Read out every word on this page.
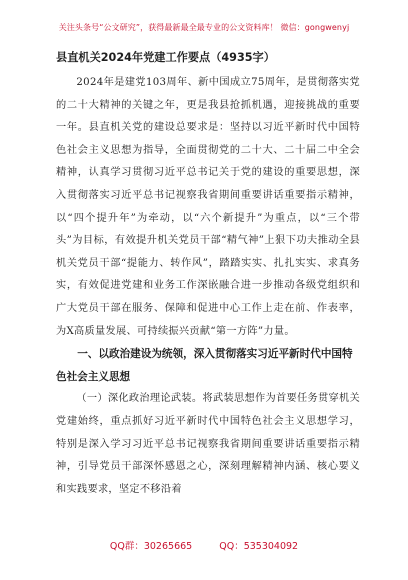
关注头条号“公文研究”，获得最新最全最专业的公文资料库！ 微信：gongwenyj
县直机关2024年党建工作要点（4935字）

2024年是建党103周年、新中国成立75周年，是贯彻落实党的二十大精神的关键之年，更是我县抢抓机遇，迎接挑战的重要一年。县直机关党的建设总要求是：坚持以习近平新时代中国特色社会主义思想为指导，全面贯彻党的二十大、二十届二中全会精神，认真学习贯彻习近平总书记关于党的建设的重要思想，深入贯彻落实习近平总书记视察我省期间重要讲话重要指示精神，以“四个提升年”为牵动，以“六个新提升”为重点，以“三个带头”为目标，有效提升机关党员干部“精气神”上狠下功夫推动全县机关党员干部“提能力、转作风”，踏踏实实、扎扎实实、求真务实，有效促进党建和业务工作深嵌融合进一步推动各级党组织和广大党员干部在服务、保障和促进中心工作上走在前、作表率，为X高质量发展、可持续振兴贡献“第一方阵”力量。

一、以政治建设为统领，深入贯彻落实习近平新时代中国特色社会主义思想

（一）深化政治理论武装。将武装思想作为首要任务贯穿机关党建始终，重点抓好习近平新时代中国特色社会主义思想学习，特别是深入学习习近平总书记视察我省期间重要讲话重要指示精神，引导党员干部深怀感恩之心，深刻理解精神内涵、核心要义和实践要求，坚定不移沿着

QQ群：30265665	QQ：535304092
